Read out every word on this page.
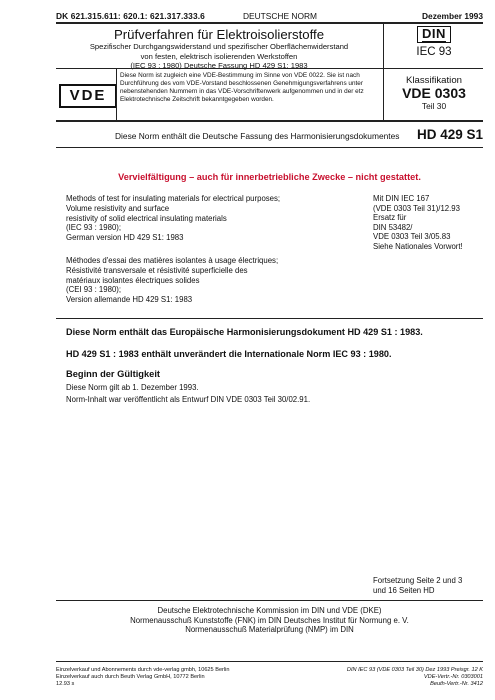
DK 621.315.611: 620.1: 621.317.333.6	DEUTSCHE NORM	Dezember 1993
Prüfverfahren für Elektroisolierstoffe
Spezifischer Durchgangswiderstand und spezifischer Oberflächenwiderstand
von festen, elektrisch isolierenden Werkstoffen
(IEC 93 : 1980) Deutsche Fassung HD 429 S1: 1983
DIN
IEC 93
VDE
Diese Norm ist zugleich eine VDE-Bestimmung im Sinne von VDE 0022. Sie ist nach
Durchführung des vom VDE-Vorstand beschlossenen Genehmigungsverfahrens unter
nebenstehenden Nummern in das VDE-Vorschriftenwerk aufgenommen und in der etz
Elektrotechnische Zeitschrift bekanntgegeben worden.
Klassifikation
VDE 0303
Teil 30
Diese Norm enthält die Deutsche Fassung des Harmonisierungsdokumentes HD 429 S1
Vervielfältigung – auch für innerbetriebliche Zwecke – nicht gestattet.
Methods of test for insulating materials for electrical purposes;
Volume resistivity and surface
resistivity of solid electrical insulating materials
(IEC 93 : 1980);
German version HD 429 S1: 1983
Mit DIN IEC 167
(VDE 0303 Teil 31)/12.93
Ersatz für
DIN 53482/
VDE 0303 Teil 3/05.83
Siehe Nationales Vorwort!
Méthodes d'essai des matières isolantes à usage électriques;
Résistivité transversale et résistivité superficielle des
matériaux isolantes électriques solides
(CEI 93 : 1980);
Version allemande HD 429 S1: 1983
Diese Norm enthält das Europäische Harmonisierungsdokument HD 429 S1 : 1983.
HD 429 S1 : 1983 enthält unverändert die Internationale Norm IEC 93 : 1980.
Beginn der Gültigkeit
Diese Norm gilt ab 1. Dezember 1993.
Norm-Inhalt war veröffentlicht als Entwurf DIN VDE 0303 Teil 30/02.91.
Fortsetzung Seite 2 und 3
und 16 Seiten HD
Deutsche Elektrotechnische Kommission im DIN und VDE (DKE)
Normenausschuß Kunststoffe (FNK) im DIN Deutsches Institut für Normung e. V.
Normenausschuß Materialprüfung (NMP) im DIN
Einzelverkauf und Abonnements durch vde-verlag gmbh, 10625 Berlin
Einzelverkauf auch durch Beuth Verlag GmbH, 10772 Berlin
12.93 s
DIN IEC 93 (VDE 0303 Teil 30) Dez 1993 Preisgr. 12 K
VDE-Vertr.-Nr. 0303001
Beuth-Vertr.-Nr. 3412
